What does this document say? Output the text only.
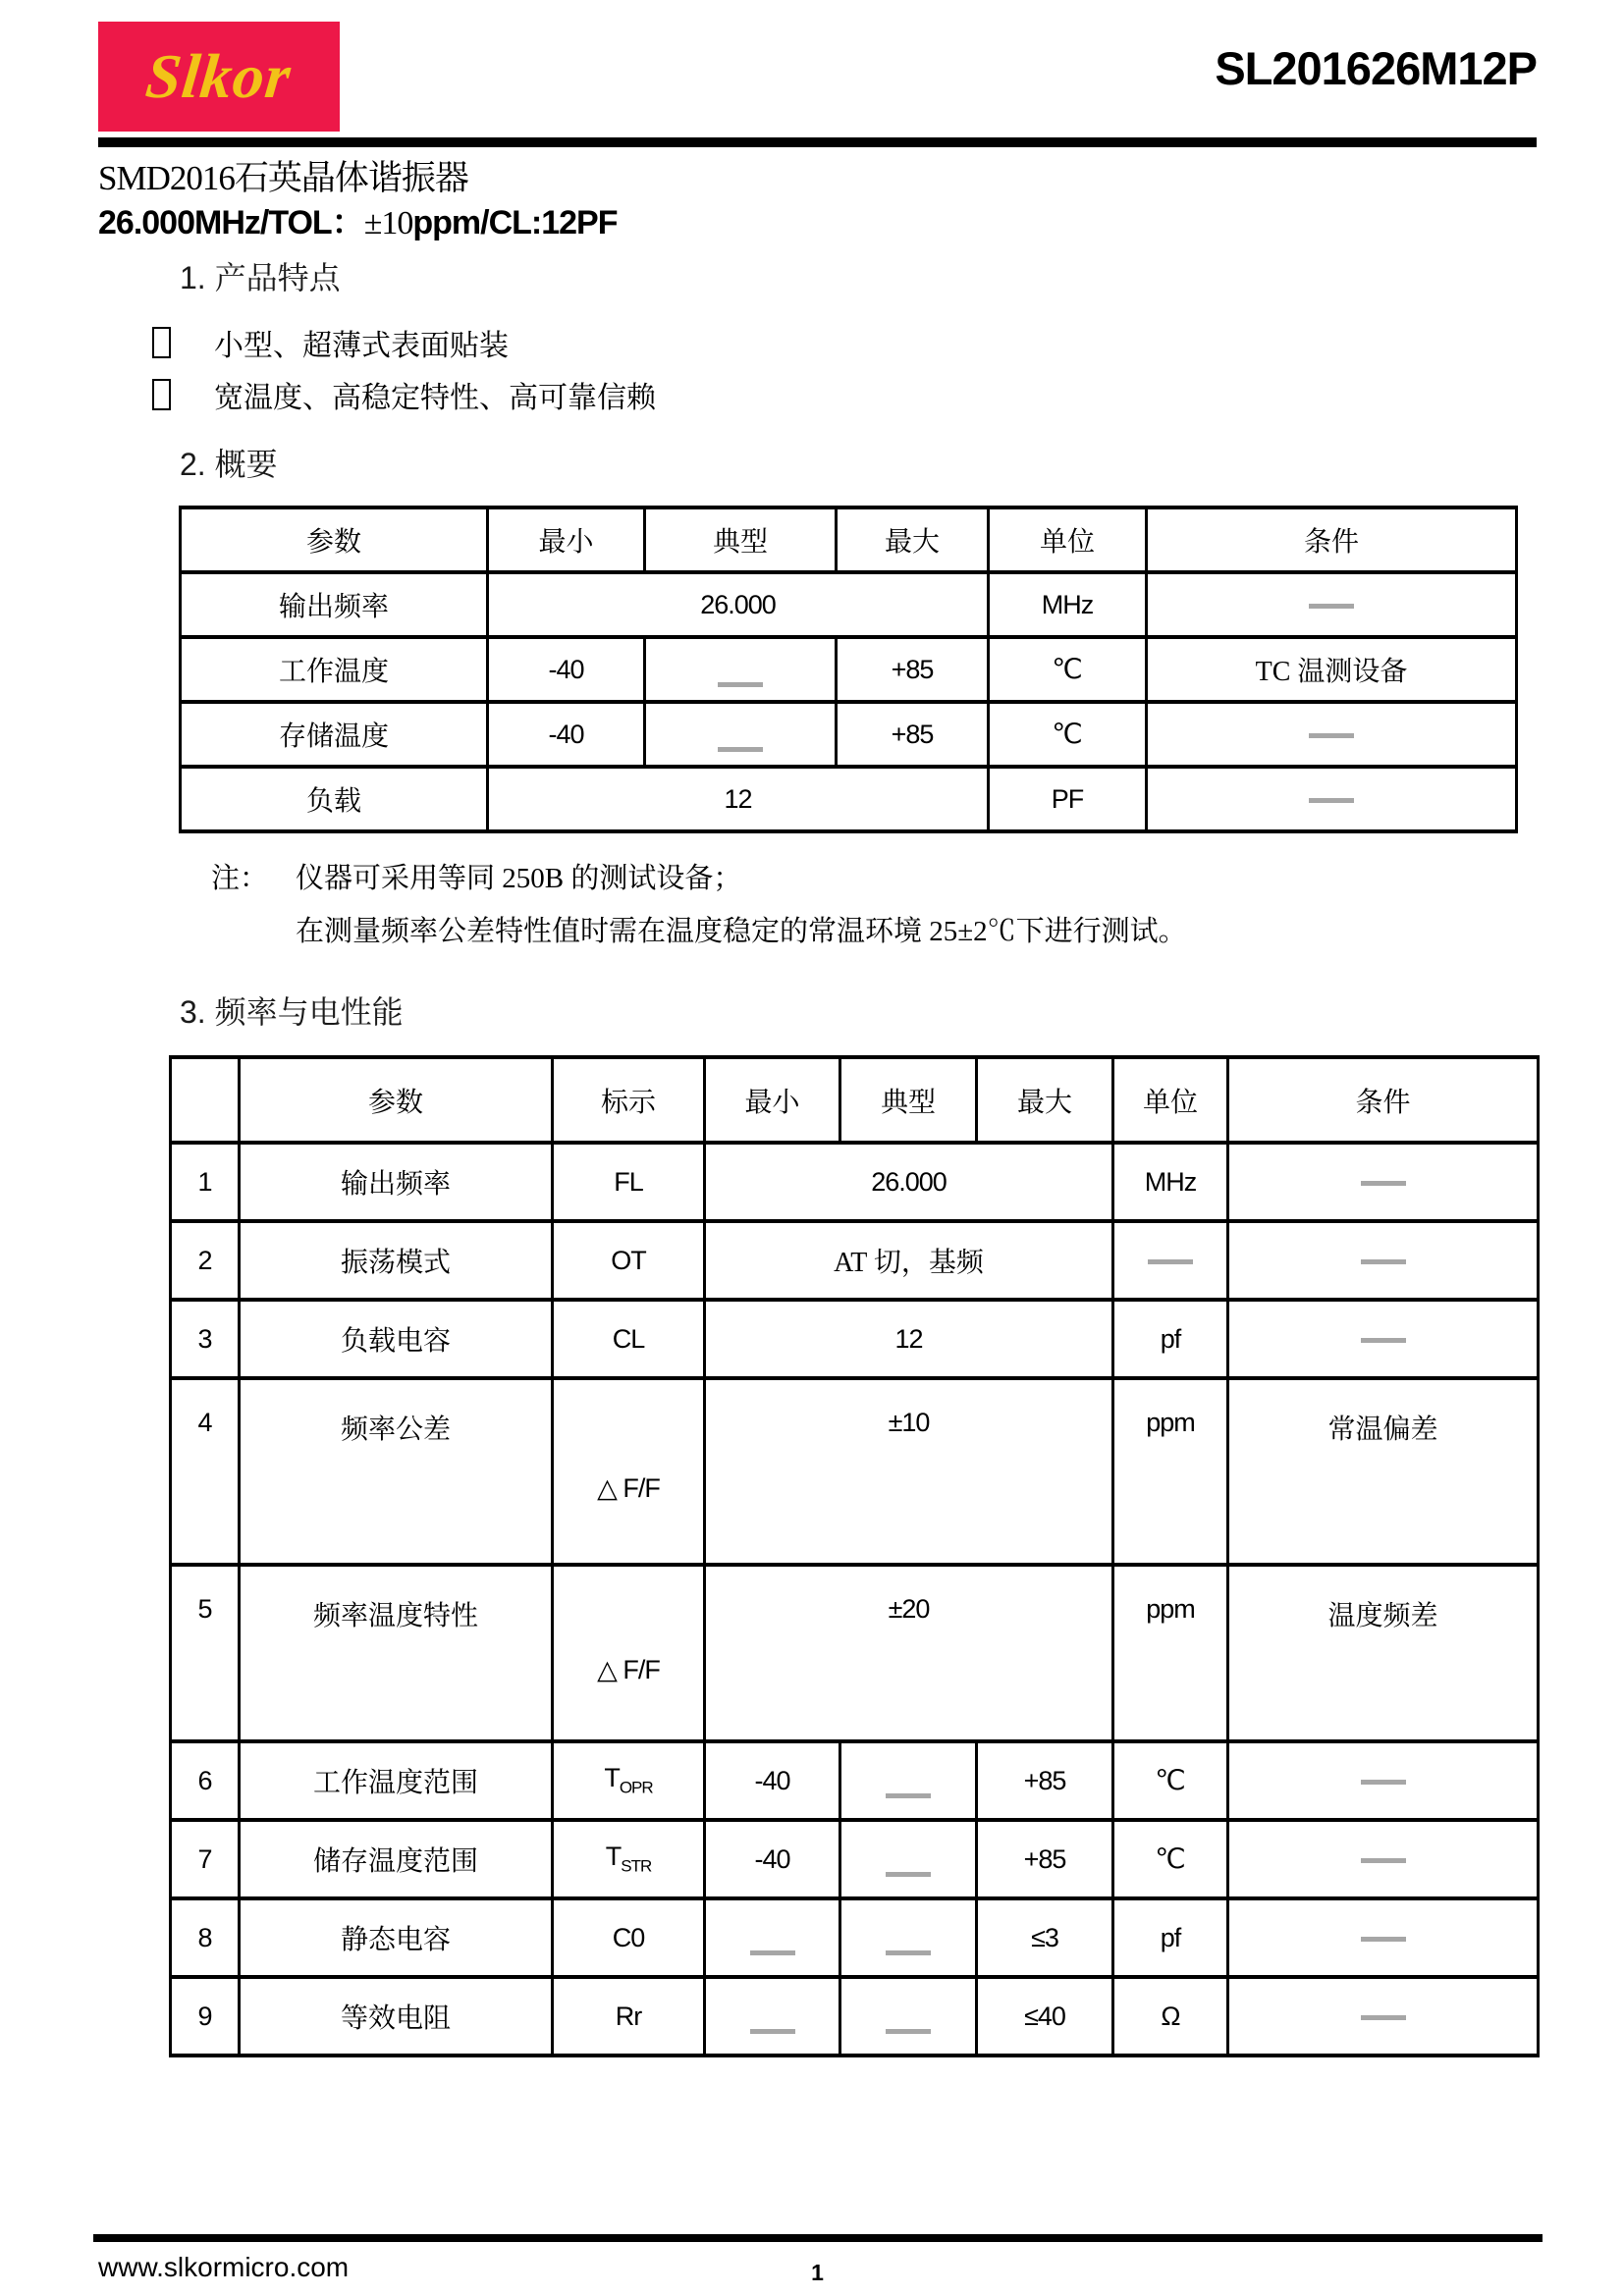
Slkor	SL201626M12P
SMD2016石英晶体谐振器
26.000MHz/TOL：±10ppm/CL:12PF
1. 产品特点
小型、超薄式表面贴装
宽温度、高稳定特性、高可靠信赖
2. 概要
参数	最小	典型	最大	单位	条件
输出频率	26.000			MHz	
工作温度	-40		+85	℃	TC 温测设备
存储温度	-40		+85	℃	
负载	12			PF	
注： 仪器可采用等同 250B 的测试设备；
在测量频率公差特性值时需在温度稳定的常温环境 25±2℃下进行测试。
3. 频率与电性能
	参数	标示	最小	典型	最大	单位	条件
1	输出频率	FL	26.000			MHz	
2	振荡模式	OT	AT 切，基频				
3	负载电容	CL	12			pf	
4	频率公差	△ F/F	±10			ppm	常温偏差
5	频率温度特性	△ F/F	±20			ppm	温度频差
6	工作温度范围	$T_{OPR}$	-40		+85	℃	
7	储存温度范围	$T_{STR}$	-40		+85	℃	
8	静态电容	C0			≤3	pf	
9	等效电阻	Rr			≤40	Ω	
www.slkormicro.com	1
